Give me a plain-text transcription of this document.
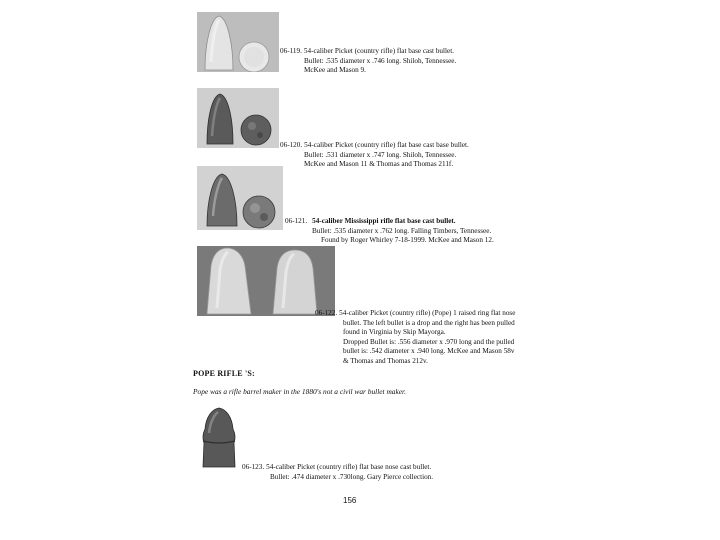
06-119. 54-caliber Picket (country rifle) flat base cast bullet.
Bullet: .535 diameter x .746 long. Shiloh, Tennessee.
McKee and Mason 9.
06-120. 54-caliber Picket (country rifle) flat base cast base bullet.
Bullet: .531 diameter x .747 long. Shiloh, Tennessee.
McKee and Mason 11 & Thomas and Thomas 211f.
06-121. 54-caliber Mississippi rifle flat base cast bullet.
Bullet: .535 diameter x .762 long. Falling Timbers, Tennessee.
Found by Roger Whirley 7-18-1999. McKee and Mason 12.
06-122. 54-caliber Picket (country rifle) (Pope) 1 raised ring flat nose
bullet. The left bullet is a drop and the right has been pulled
found in Virginia by Skip Mayorga.
Dropped Bullet is: .556 diameter x .970 long and the pulled
bullet is: .542 diameter x .940 long. McKee and Mason 58v
& Thomas and Thomas 212v.
POPE RIFLE 'S:
Pope was a rifle barrel maker in the 1880's not a civil war bullet maker.
06-123. 54-caliber Picket (country rifle) flat base nose cast bullet.
Bullet: .474 diameter x .730long. Gary Pierce collection.
156
